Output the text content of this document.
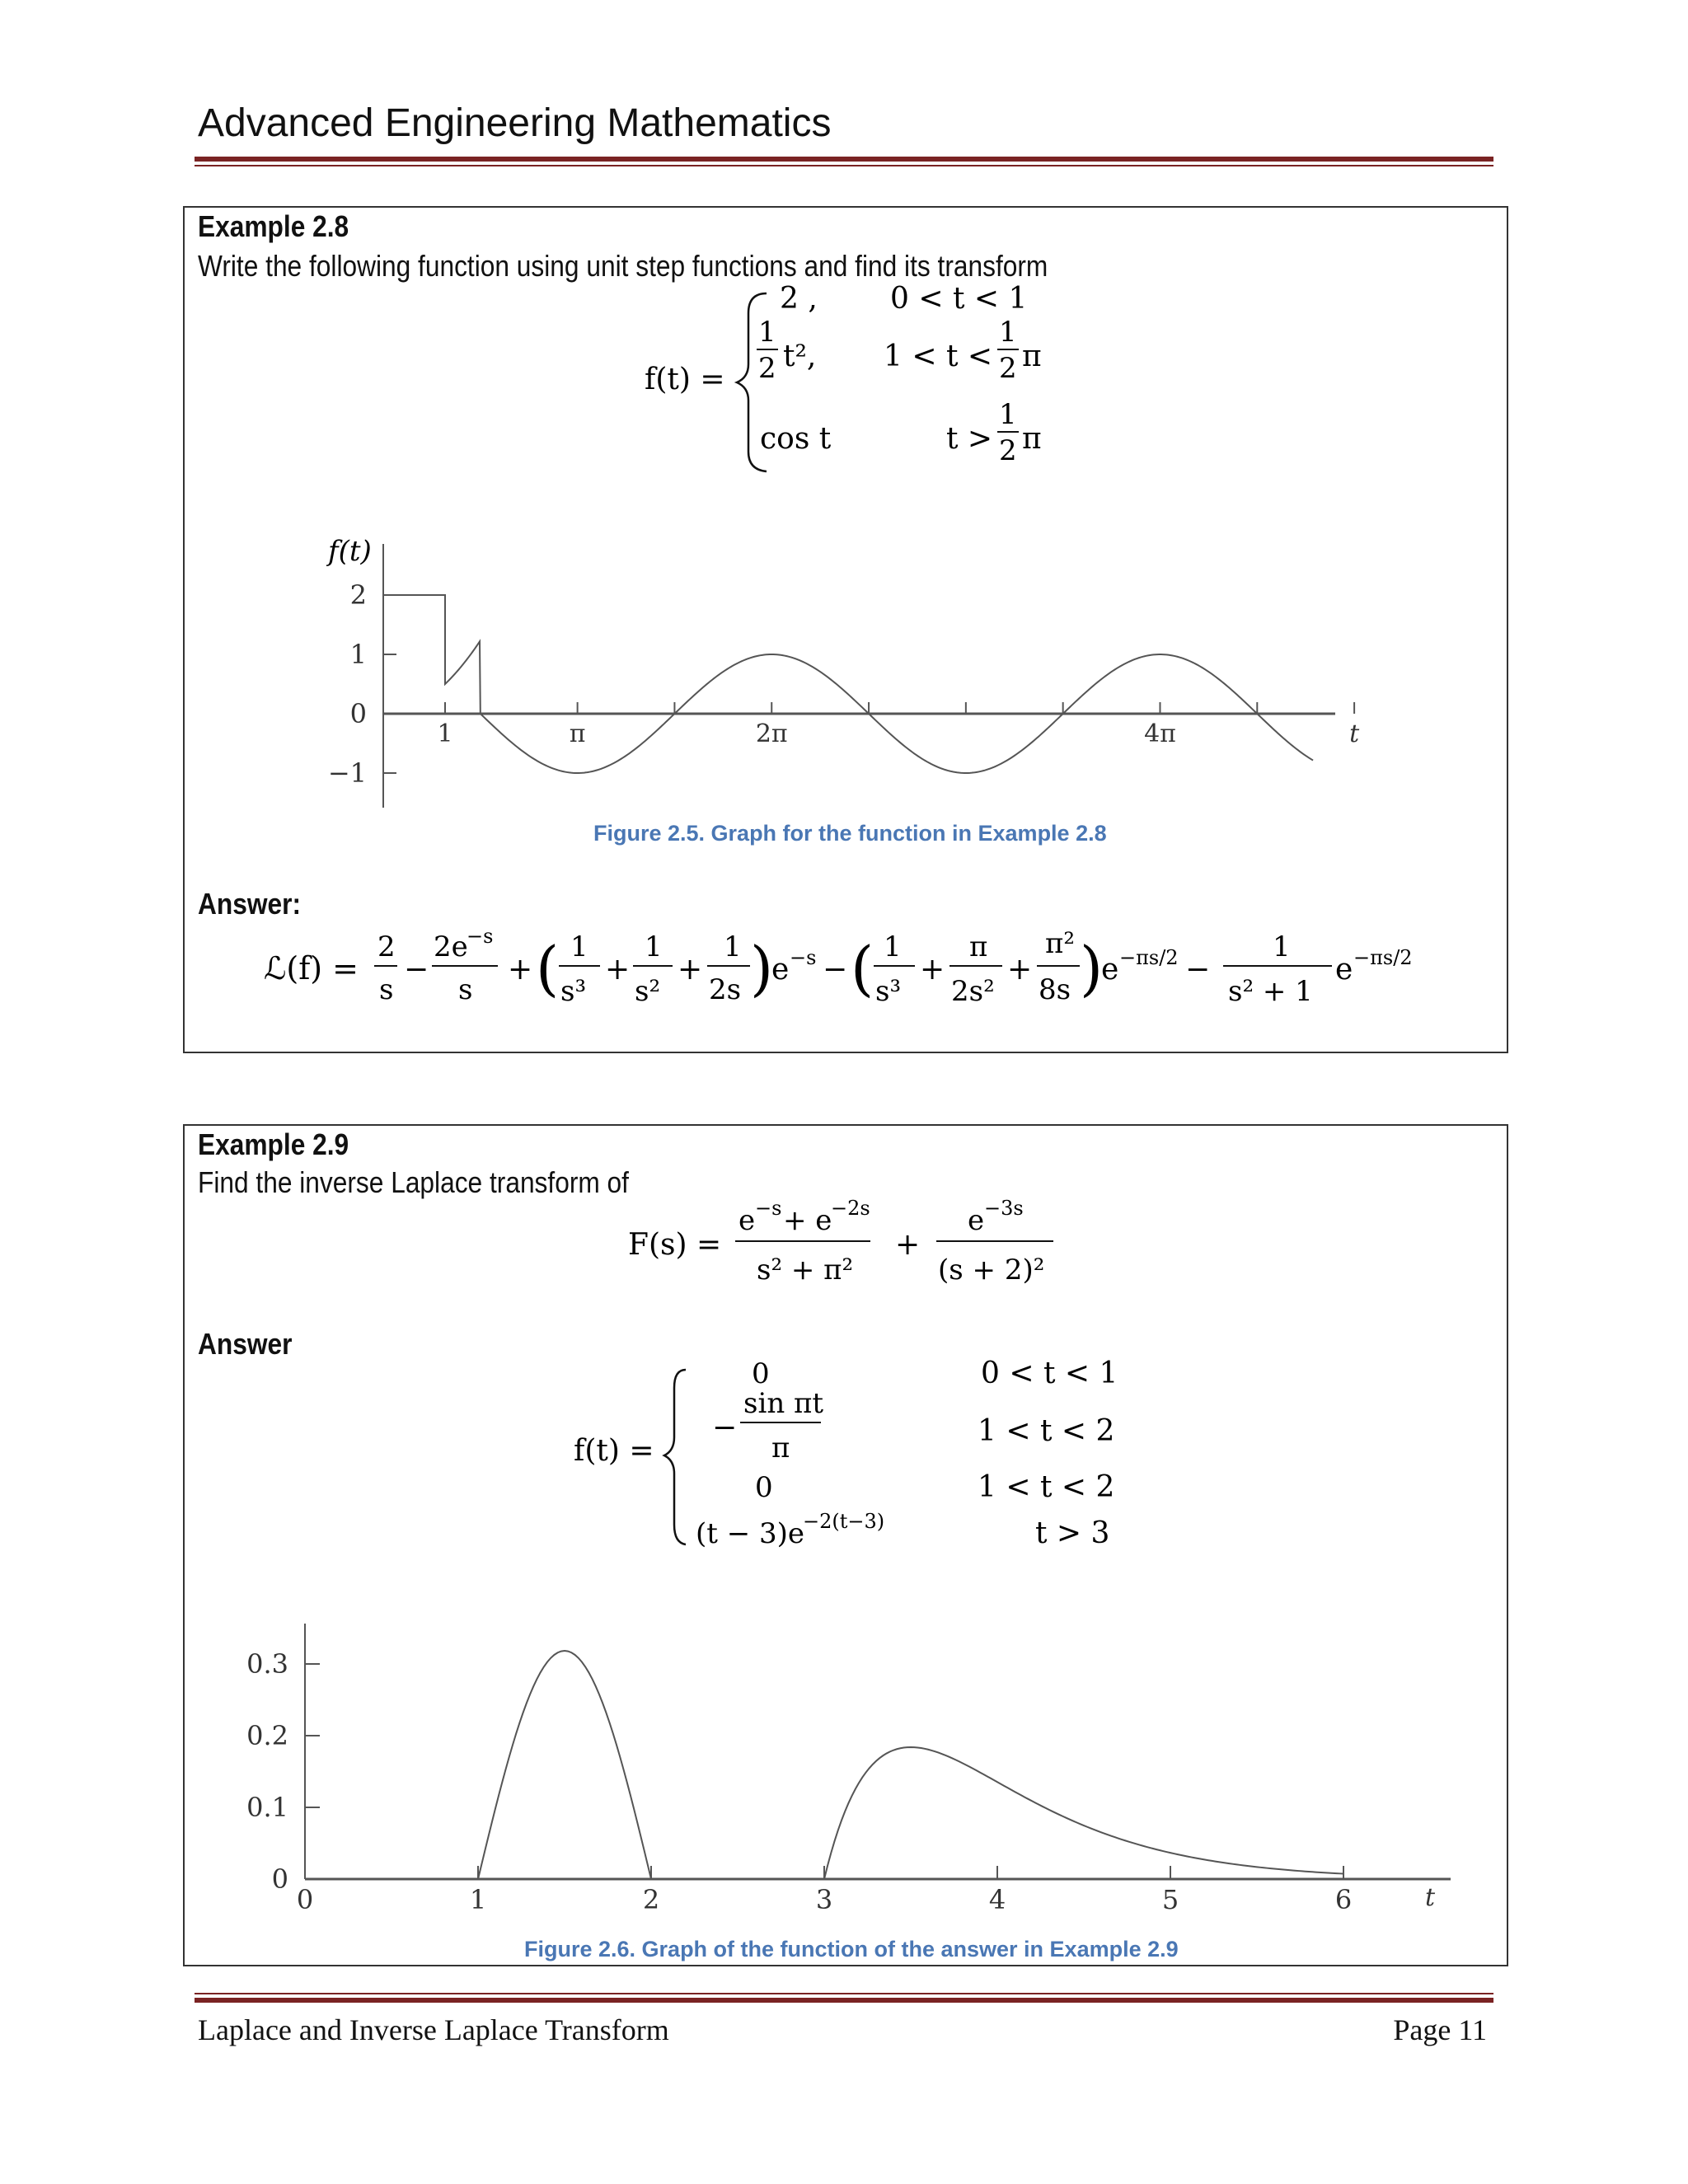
Advanced Engineering Mathematics
Example 2.8
Write the following function using unit step functions and find its transform
f(t) =
2 , 0 < t < 1
1
2 t², 1 < t <
1
2 π
cos t	t >
1
2 π
f(t)
2
1
0
−1
1	π	2π	4π	t
Figure 2.5. Graph for the function in Example 2.8
Answer:
ℒ(f) =
2
s
−
2e
−s
s
+ ( 1
s³
+
1
s²
+
1
2s )
e −s − ( 1
s³
+
π
2s²
+
π²
8s )
e −πs/2 −
1
s² + 1
e −πs/2
Example 2.9
Find the inverse Laplace transform of
F(s) =
e −s + e
−2s
s² + π²
+
e −3s
(s + 2)²
Answer
f(t) =
0	0 < t < 1
−
sin πt
π	1 < t < 2
0	1 < t < 2
(t − 3)e
−2(t−3)	t > 3
0.3
0.2
0.1
0
0	1	2	3	4	5	6	t
Figure 2.6. Graph of the function of the answer in Example 2.9
Laplace and Inverse Laplace Transform	Page 11
